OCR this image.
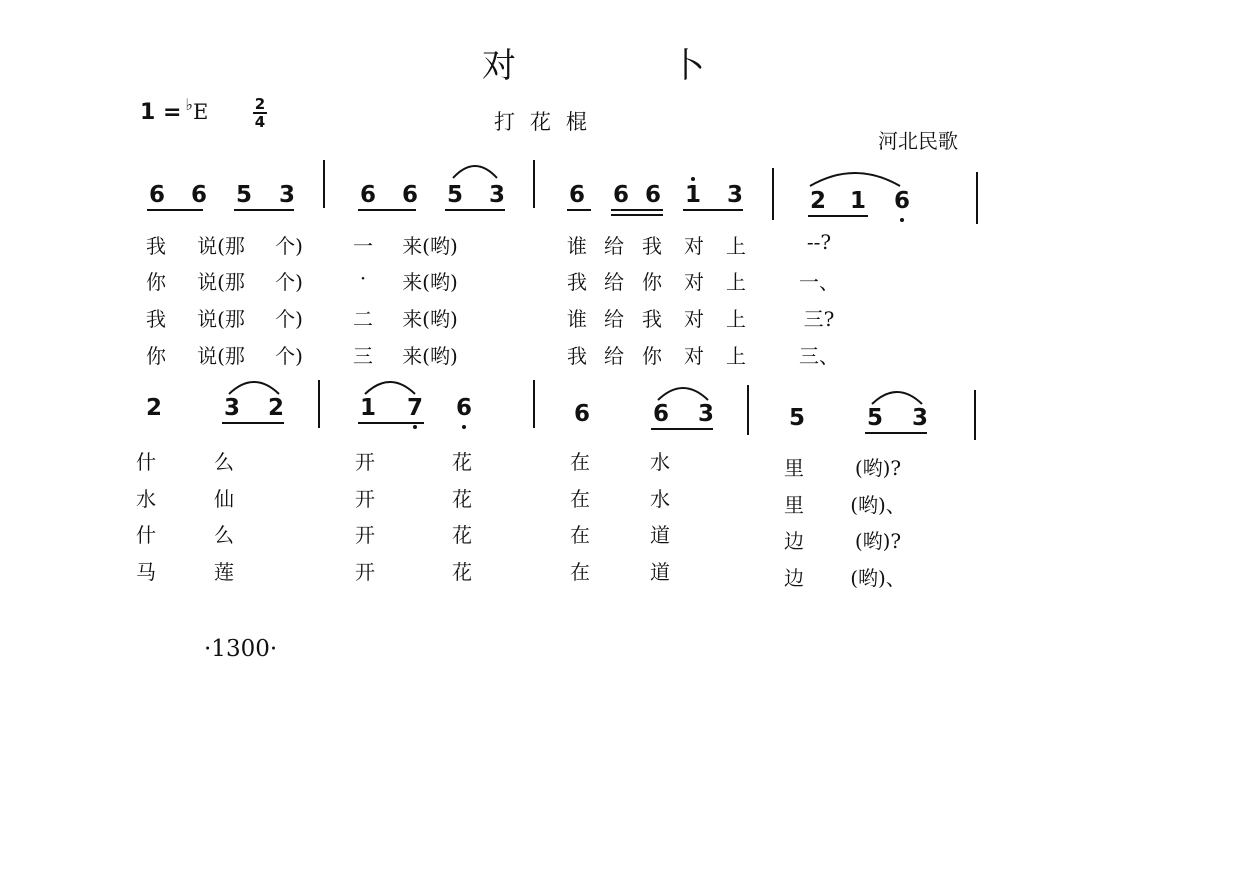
对 卜
1 = ♭E	2
4	打花棍
河北民歌
6 6 5 3	6 6 5 3	6 6 6 1 3	2 1 6
我	说(那	个)	一	来(哟)	谁 给 我	对	上	--?
你	说(那	个)	·	来(哟)	我 给 你	对	上	一、
我	说(那	个)	二	来(哟)	谁 给 我	对	上	三?
你	说(那	个)	三	来(哟)	我 给 你	对	上	三、
2	3 2	1 7 6	6	6 3	5	5 3
什	么	开	花	在	水	里	(哟)?
水	仙	开	花	在	水	里	(哟)、
什	么	开	花	在	道	边	(哟)?
马	莲	开	花	在	道	边	(哟)、
·1300·
